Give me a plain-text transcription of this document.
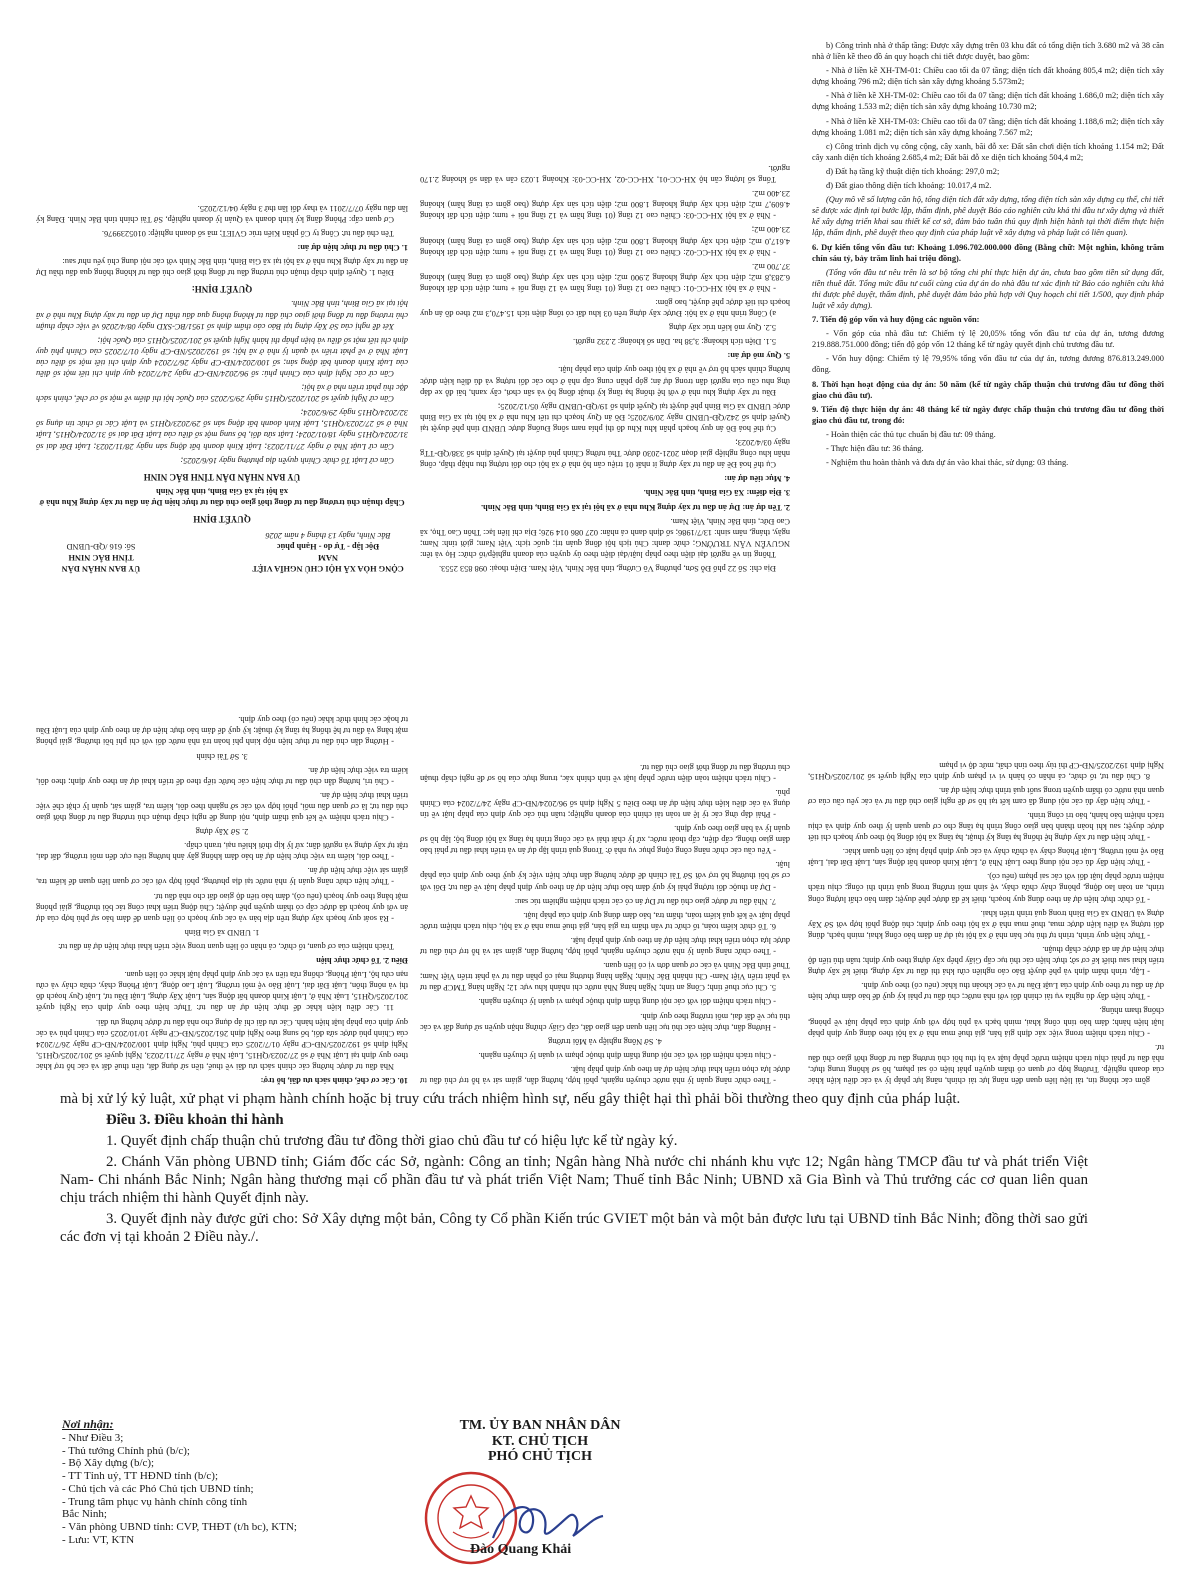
CỘNG HÒA XÃ HỘI CHỦ NGHĨA VIỆT NAM
Độc lập - Tự do - Hạnh phúc
Bắc Ninh, ngày 13 tháng 4 năm 2026
ỦY BAN NHÂN DÂN
TỈNH BẮC NINH
Số: 616 /QĐ-UBND
QUYẾT ĐỊNH

Chấp thuận chủ trương đầu tư đồng thời giao chủ đầu tư thực hiện Dự án đầu tư xây dựng Khu nhà ở xã hội tại xã Gia Bình, tỉnh Bắc Ninh

ỦY BAN NHÂN DÂN TỈNH BẮC NINH

Căn cứ Luật Tổ chức Chính quyền địa phương ngày 16/6/2025;

Căn cứ Luật Nhà ở ngày 27/11/2023; Luật Kinh doanh bất động sản ngày 28/11/2023; Luật Đất đai số 31/2024/QH15 ngày 18/01/2024; Luật sửa đổi, bổ sung một số điều của Luật Đất đai số 31/2024/QH15, Luật Nhà ở số 27/2023/QH15, Luật Kinh doanh bất động sản số 29/2023/QH15 và Luật Các tổ chức tín dụng số 32/2024/QH15 ngày 29/6/2024;

Căn cứ Nghị quyết số 201/2025/QH15 ngày 29/5/2025 của Quốc hội thí điểm về một số cơ chế, chính sách đặc thù phát triển nhà ở xã hội;

Căn cứ các Nghị định của Chính phủ: số 96/2024/NĐ-CP ngày 24/7/2024 quy định chi tiết một số điều của Luật Kinh doanh bất động sản; số 100/2024/NĐ-CP ngày 26/7/2024 quy định chi tiết một số điều của Luật Nhà ở về phát triển và quản lý nhà ở xã hội; số 192/2025/NĐ-CP ngày 01/7/2025 của Chính phủ quy định chi tiết một số điều và biện pháp thi hành Nghị quyết số 201/2025/QH15 của Quốc hội;

Xét đề nghị của Sở Xây dựng tại Báo cáo thẩm định số 1951/BC-SXD ngày 08/4/2026 về việc chấp thuận chủ trương đầu tư đồng thời giao chủ đầu tư không thông qua đấu thầu Dự án đầu tư xây dựng Khu nhà ở xã hội tại xã Gia Bình, tỉnh Bắc Ninh.

QUYẾT ĐỊNH:

Điều 1. Quyết định chấp thuận chủ trương đầu tư đồng thời giao chủ đầu tư không thông qua đấu thầu Dự án đầu tư xây dựng Khu nhà ở xã hội tại xã Gia Bình, tỉnh Bắc Ninh với các nội dung chủ yếu như sau:

1. Chủ đầu tư thực hiện dự án:

Tên chủ đầu tư: Công ty Cổ phần Kiến trúc GVIET; mã số doanh nghiệp: 0105239976.

Cơ quan cấp: Phòng đăng ký kinh doanh và Quản lý doanh nghiệp, Sở Tài chính tỉnh Bắc Ninh. Đăng ký lần đầu ngày 07/7/2011 và thay đổi lần thứ 3 ngày 04/12/2025.

Địa chỉ: Số 22 phố Đỗ Sơn, phường Võ Cường, tỉnh Bắc Ninh, Việt Nam. Điện thoại: 098 853 2553.

Thông tin về người đại diện theo pháp luật/đại diện theo ủy quyền của doanh nghiệp/tổ chức: Họ và tên: NGUYỄN VĂN TRƯỜNG; chức danh: Chủ tịch hội đồng quản trị; quốc tịch: Việt Nam; giới tính: Nam; ngày, tháng, năm sinh: 13/7/1986; số định danh cá nhân: 027 086 014 926; Địa chỉ liên lạc: Thôn Cao Thọ, xã Cao Đức, tỉnh Bắc Ninh, Việt Nam.

2. Tên dự án: Dự án đầu tư xây dựng Khu nhà ở xã hội tại xã Gia Bình, tỉnh Bắc Ninh.

3. Địa điểm: Xã Gia Bình, tỉnh Bắc Ninh.

4. Mục tiêu dự án:

Cụ thể hoá Đề án đầu tư xây dựng ít nhất 01 triệu căn hộ nhà ở xã hội cho đối tượng thu nhập thấp, công nhân khu công nghiệp giai đoạn 2021-2030 được Thủ tướng Chính phủ duyệt tại Quyết định số 338/QĐ-TTg ngày 03/4/2023;

Cụ thể hoá Đồ án quy hoạch phân khu Khu đô thị phía nam sông Đuống được UBND tỉnh phê duyệt tại Quyết định số 242/QĐ-UBND ngày 20/9/2025; Đồ án Quy hoạch chi tiết Khu nhà ở xã hội tại xã Gia Bình được UBND xã Gia Bình phê duyệt tại Quyết định số 19/QĐ-UBND ngày 05/12/2025;

Đầu tư xây dựng khu nhà ở với hệ thống hạ tầng kỹ thuật đồng bộ và sân chơi, cây xanh, bãi đỗ xe đáp ứng nhu cầu của người dân trong dự án; góp phần cung cấp nhà ở cho các đối tượng và đủ điều kiện được hưởng chính sách hỗ trợ về nhà ở xã hội theo quy định của pháp luật.

5. Quy mô dự án:

5.1. Diện tích khoảng: 3,38 ha. Dân số khoảng: 2.232 người.

5.2. Quy mô kiến trúc xây dựng

a) Công trình nhà ở xã hội: Được xây dựng trên 03 khu đất có tổng diện tích 15.470,3 m2 theo đồ án quy hoạch chi tiết được phê duyệt, bao gồm:

- Nhà ở xã hội XH-CC-01: Chiều cao 12 tầng (01 tầng hầm và 12 tầng nổi + tum; diện tích đất khoảng 6.283,8 m2; diện tích xây dựng khoảng 2.900 m2; diện tích sàn xây dựng (bao gồm cả tầng hầm) khoảng 37.700 m2.

- Nhà ở xã hội XH-CC-02: Chiều cao 12 tầng (01 tầng hầm và 12 tầng nổi + tum; diện tích đất khoảng 4.617,0 m2; diện tích xây dựng khoảng 1.800 m2; diện tích sàn xây dựng (bao gồm cả tầng hầm) khoảng 23.400 m2;

- Nhà ở xã hội XH-CC-03: Chiều cao 12 tầng (01 tầng hầm và 12 tầng nổi + tum; diện tích đất khoảng 4.609,7 m2; diện tích xây dựng khoảng 1.800 m2; diện tích sàn xây dựng (bao gồm cả tầng hầm) khoảng 23.400 m2.

Tổng số lượng căn hộ XH-CC-01, XH-CC-02, XH-CC-03: Khoảng 1.023 căn và dân số khoảng 2.170 người.

b) Công trình nhà ở thấp tầng: Được xây dựng trên 03 khu đất có tổng diện tích 3.680 m2 và 38 căn nhà ở liền kề theo đồ án quy hoạch chi tiết được duyệt, bao gồm:

- Nhà ở liền kề XH-TM-01: Chiều cao tối đa 07 tầng; diện tích đất khoảng 805,4 m2; diện tích xây dựng khoảng 796 m2; diện tích sàn xây dựng khoảng 5.573m2;

- Nhà ở liền kề XH-TM-02: Chiều cao tối đa 07 tầng; diện tích đất khoảng 1.686,0 m2; diện tích xây dựng khoảng 1.533 m2; diện tích sàn xây dựng khoảng 10.730 m2;

- Nhà ở liền kề XH-TM-03: Chiều cao tối đa 07 tầng; diện tích đất khoảng 1.188,6 m2; diện tích xây dựng khoảng 1.081 m2; diện tích sàn xây dựng khoảng 7.567 m2;

c) Công trình dịch vụ công cộng, cây xanh, bãi đỗ xe: Đất sân chơi diện tích khoảng 1.154 m2; Đất cây xanh diện tích khoảng 2.685,4 m2; Đất bãi đỗ xe diện tích khoảng 504,4 m2;

d) Đất hạ tầng kỹ thuật diện tích khoảng: 297,0 m2;

đ) Đất giao thông diện tích khoảng: 10.017,4 m2.

(Quy mô về số lượng căn hộ, tổng diện tích đất xây dựng, tổng diện tích sàn xây dựng cụ thể, chi tiết sẽ được xác định tại bước lập, thẩm định, phê duyệt Báo cáo nghiên cứu khả thi đầu tư xây dựng và thiết kế xây dựng triển khai sau thiết kế cơ sở, đảm bảo tuân thủ quy định hiện hành tại thời điểm thực hiện lập, thẩm định, phê duyệt theo quy định của pháp luật về xây dựng và pháp luật có liên quan).

6. Dự kiến tổng vốn đầu tư: Khoảng 1.096.702.000.000 đồng (Bằng chữ: Một nghìn, không trăm chín sáu tỷ, bảy trăm linh hai triệu đồng).

(Tổng vốn đầu tư nêu trên là sơ bộ tổng chi phí thực hiện dự án, chưa bao gồm tiền sử dụng đất, tiền thuê đất. Tổng mức đầu tư cuối cùng của dự án do nhà đầu tư xác định từ Báo cáo nghiên cứu khả thi được phê duyệt, thẩm định, phê duyệt đảm bảo phù hợp với Quy hoạch chi tiết 1/500, quy định pháp luật về xây dựng).

7. Tiến độ góp vốn và huy động các nguồn vốn:

- Vốn góp của nhà đầu tư: Chiếm tỷ lệ 20,05% tổng vốn đầu tư của dự án, tương đương 219.888.751.000 đồng; tiến độ góp vốn 12 tháng kể từ ngày quyết định chủ trương đầu tư.

- Vốn huy động: Chiếm tỷ lệ 79,95% tổng vốn đầu tư của dự án, tương đương 876.813.249.000 đồng.

8. Thời hạn hoạt động của dự án: 50 năm (kể từ ngày chấp thuận chủ trương đầu tư đồng thời giao chủ đầu tư).

9. Tiến độ thực hiện dự án: 48 tháng kể từ ngày được chấp thuận chủ trương đầu tư đồng thời giao chủ đầu tư, trong đó:

- Hoàn thiện các thủ tục chuẩn bị đầu tư: 09 tháng.

- Thực hiện đầu tư: 36 tháng.

- Nghiệm thu hoàn thành và đưa dự án vào khai thác, sử dụng: 03 tháng.

10. Các cơ chế, chính sách ưu đãi, hỗ trợ:

Nhà đầu tư được hưởng các chính sách ưu đãi về thuế, tiền sử dụng đất, tiền thuê đất và các hỗ trợ khác theo quy định tại Luật Nhà ở số 27/2023/QH15, Luật Nhà ở ngày 27/11/2023, Nghị quyết số 201/2025/QH15, Nghị định số 192/2025/NĐ-CP ngày 01/7/2025 của Chính phủ, Nghị định 100/2024/NĐ-CP ngày 26/7/2024 của Chính phủ được sửa đổi, bổ sung theo Nghị định 261/2025/NĐ-CP ngày 10/10/2025 của Chính phủ và các quy định của pháp luật hiện hành. Các ưu đãi chỉ áp dụng cho nhà đầu tư được hưởng ưu đãi.

11. Các điều kiện khác để thực hiện dự án đầu tư: Thực hiện theo quy định của Nghị quyết 201/2025/QH15, Luật Nhà ở, Luật Kinh doanh bất động sản, Luật Xây dựng, Luật Đầu tư, Luật Quy hoạch đô thị và nông thôn, Luật Đất đai, Luật Bảo vệ môi trường, Luật Lao động, Luật Phòng cháy, chữa cháy và cứu nạn cứu hộ, Luật Phòng, chống rửa tiền và các quy định pháp luật khác có liên quan.

Điều 2. Tổ chức thực hiện

Trách nhiệm của cơ quan, tổ chức, cá nhân có liên quan trong việc triển khai thực hiện dự án đầu tư:

1. UBND xã Gia Bình

- Rà soát quy hoạch xây dựng trên địa bàn và các quy hoạch có liên quan để đảm bảo sự phù hợp của dự án với quy hoạch đã được cấp có thẩm quyền phê duyệt; Chủ động triển khai công tác bồi thường, giải phóng mặt bằng theo quy hoạch (nếu có), đảm bảo tiến độ giao đất cho nhà đầu tư.

- Thực hiện chức năng quản lý nhà nước tại địa phương, phối hợp với các cơ quan liên quan để kiểm tra, giám sát việc thực hiện dự án.

- Theo dõi, kiểm tra việc thực hiện dự án bảo đảm không gây ảnh hưởng tiêu cực đến môi trường, đất đai, trật tự xây dựng và người dân; xử lý kịp thời khiếu nại, tranh chấp.

2. Sở Xây dựng

- Chịu trách nhiệm về kết quả thẩm định, nội dung đề nghị chấp thuận chủ trương đầu tư đồng thời giao chủ đầu tư; là cơ quan đầu mối, phối hợp với các sở ngành theo dõi, kiểm tra, giám sát, quản lý chặt chẽ việc triển khai thực hiện dự án.

- Chủ trì, hướng dẫn chủ đầu tư thực hiện các bước tiếp theo để triển khai dự án theo quy định; theo dõi, kiểm tra việc thực hiện dự án.

3. Sở Tài chính

- Hướng dẫn chủ đầu tư thực hiện nộp kinh phí hoàn trả nhà nước đối với chi phí bồi thường, giải phóng mặt bằng và đầu tư hệ thống hạ tầng kỹ thuật; kỹ quỹ để đảm bảo thực hiện dự án theo quy định của Luật Đầu tư hoặc các hình thức khác (nếu có) theo quy định.

- Theo chức năng quản lý nhà nước chuyên ngành, phối hợp, hướng dẫn, giám sát và hỗ trợ chủ đầu tư được lựa chọn triển khai thực hiện dự án theo quy định pháp luật.

- Chịu trách nhiệm đối với các nội dung thẩm định thuộc phạm vi quản lý chuyên ngành.

4. Sở Nông nghiệp và Môi trường

- Hướng dẫn, thực hiện các thủ tục liên quan đến giao đất, cấp Giấy chứng nhận quyền sử dụng đất và các thủ tục về đất đai, môi trường theo quy định.

- Chịu trách nhiệm đối với các nội dung thẩm định thuộc phạm vi quản lý chuyên ngành.

5. Chi cục thuế tỉnh; Công an tỉnh; Ngân hàng Nhà nước chi nhánh khu vực 12; Ngân hàng TMCP đầu tư và phát triển Việt Nam- Chi nhánh Bắc Ninh; Ngân hàng thương mại cổ phần đầu tư và phát triển Việt Nam; Thuế tỉnh Bắc Ninh và các cơ quan đơn vị có liên quan.

- Theo chức năng quản lý nhà nước chuyên ngành, phối hợp, hướng dẫn, giám sát và hỗ trợ chủ đầu tư được lựa chọn triển khai thực hiện dự án theo quy định pháp luật.

6. Tổ chức kiểm toán, tổ chức tư vấn thẩm tra giá bán, giá thuê mua nhà ở xã hội, chịu trách nhiệm trước pháp luật về kết quả kiểm toán, thẩm tra, bảo đảm đúng quy định của pháp luật.

7. Nhà đầu tư được giao chủ đầu tư Dự án có các trách nhiệm nghiêm túc sau:

- Dự án thuộc đối tượng phải ký quỹ đảm bảo thực hiện dự án theo quy định pháp luật về đầu tư; Đối với cơ sở bồi thường hỗ trợ với Sở Tài chính để được hướng dẫn thực hiện việc ký quỹ theo quy định của pháp luật.

- Yêu cầu các chức năng công cộng phục vụ nhà ở: Trong quá trình lập dự án và triển khai đầu tư phải bảo đảm giao thông, cấp điện, cấp thoát nước, xử lý chất thải và các công trình hạ tầng xã hội đồng bộ; lập hồ sơ quản lý và bàn giao theo quy định.

- Phải đáp ứng các tỷ lệ an toàn tài chính của doanh nghiệp; tuân thủ các quy định của pháp luật về tín dụng và các điều kiện thực hiện dự án theo Điều 5 Nghị định số 96/2024/NĐ-CP ngày 24/7/2024 của Chính phủ.

- Chịu trách nhiệm toàn diện trước pháp luật về tính chính xác, trung thực của hồ sơ đề nghị chấp thuận chủ trương đầu tư đồng thời giao chủ đầu tư.

gồm các thông tin, tài liệu liên quan đến năng lực tài chính, năng lực pháp lý và các điều kiện khác của doanh nghiệp. Trường hợp cơ quan có thẩm quyền phát hiện có sai phạm, hồ sơ không trung thực, nhà đầu tư phải chịu trách nhiệm trước pháp luật và bị thu hồi chủ trương đầu tư đồng thời giao chủ đầu tư.

- Chịu trách nhiệm trong việc xác định giá bán, giá thuê mua nhà ở xã hội theo đúng quy định pháp luật hiện hành; đảm bảo tính công khai, minh bạch và phù hợp với quy định của pháp luật về phòng, chống tham nhũng.

- Thực hiện đầy đủ nghĩa vụ tài chính đối với nhà nước; chủ đầu tư phải ký quỹ để bảo đảm thực hiện dự án đầu tư theo quy định của Luật Đầu tư và các khoản thu khác (nếu có) theo quy định.

- Lập, trình thẩm định và phê duyệt Báo cáo nghiên cứu khả thi đầu tư xây dựng, thiết kế xây dựng triển khai sau thiết kế cơ sở; thực hiện các thủ tục cấp Giấy phép xây dựng theo quy định; tuân thủ tiến độ thực hiện dự án đã được chấp thuận.

- Thực hiện quy trình, trình tự thủ tục bán nhà ở xã hội tại dự án đảm bảo công khai, minh bạch, đúng đối tượng và điều kiện được mua, thuê mua nhà ở xã hội theo quy định; chủ động phối hợp với Sở Xây dựng và UBND xã Gia Bình trong quá trình triển khai.

- Tổ chức thực hiện dự án theo đúng quy hoạch, thiết kế đã được phê duyệt; đảm bảo chất lượng công trình, an toàn lao động, phòng cháy chữa cháy, vệ sinh môi trường trong quá trình thi công; chịu trách nhiệm trước pháp luật đối với các sai phạm (nếu có).

- Thực hiện đầy đủ các nội dung theo Luật Nhà ở, Luật Kinh doanh bất động sản, Luật Đất đai, Luật Bảo vệ môi trường, Luật Phòng cháy và chữa cháy và các quy định pháp luật có liên quan khác.

- Thực hiện đầu tư xây dựng hệ thống hạ tầng kỹ thuật, hạ tầng xã hội đồng bộ theo quy hoạch chi tiết được duyệt; sau khi hoàn thành bàn giao công trình hạ tầng cho cơ quan quản lý theo quy định và chịu trách nhiệm bảo hành, bảo trì công trình.

- Thực hiện đầy đủ các nội dung đã cam kết tại hồ sơ đề nghị giao chủ đầu tư và các yêu cầu của cơ quan nhà nước có thẩm quyền trong suốt quá trình thực hiện dự án.

8. Chủ đầu tư, tổ chức, cá nhân có hành vi vi phạm quy định của Nghị quyết số 201/2025/QH15, Nghị định 192/2025/NĐ-CP thì tùy theo tính chất, mức độ vi phạm

mà bị xử lý kỷ luật, xử phạt vi phạm hành chính hoặc bị truy cứu trách nhiệm hình sự, nếu gây thiệt hại thì phải bồi thường theo quy định của pháp luật.

Điều 3. Điều khoản thi hành

1. Quyết định chấp thuận chủ trương đầu tư đồng thời giao chủ đầu tư có hiệu lực kể từ ngày ký.

2. Chánh Văn phòng UBND tỉnh; Giám đốc các Sở, ngành: Công an tỉnh; Ngân hàng Nhà nước chi nhánh khu vực 12; Ngân hàng TMCP đầu tư và phát triển Việt Nam- Chi nhánh Bắc Ninh; Ngân hàng thương mại cổ phần đầu tư và phát triển Việt Nam; Thuế tỉnh Bắc Ninh; UBND xã Gia Bình và Thủ trưởng các cơ quan liên quan chịu trách nhiệm thi hành Quyết định này.

3. Quyết định này được gửi cho: Sở Xây dựng một bản, Công ty Cổ phần Kiến trúc GVIET một bản và một bản được lưu tại UBND tỉnh Bắc Ninh; đồng thời sao gửi các đơn vị tại khoản 2 Điều này./.

Nơi nhận:
- Như Điều 3;
- Thủ tướng Chính phủ (b/c);
- Bộ Xây dựng (b/c);
- TT Tỉnh uỷ, TT HĐND tỉnh (b/c);
- Chủ tịch và các Phó Chủ tịch UBND tỉnh;
- Trung tâm phục vụ hành chính công tỉnh
Bắc Ninh;
- Văn phòng UBND tỉnh: CVP, THĐT (t/h bc), KTN;
- Lưu: VT, KTN
TM. ỦY BAN NHÂN DÂN
KT. CHỦ TỊCH
PHÓ CHỦ TỊCH
Đào Quang Khải
